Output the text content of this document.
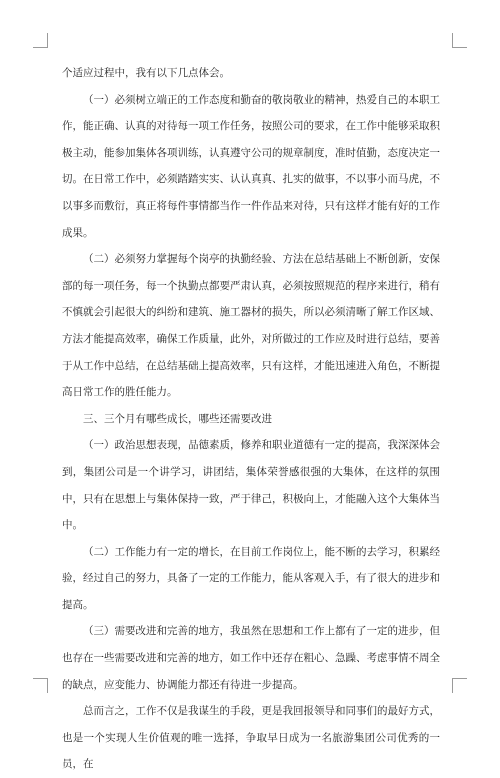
个适应过程中，我有以下几点体会。

（一）必须树立端正的工作态度和勤奋的敬岗敬业的精神，热爱自己的本职工作，能正确、认真的对待每一项工作任务，按照公司的要求，在工作中能够采取积极主动，能参加集体各项训练，认真遵守公司的规章制度，准时值勤，态度决定一切。在日常工作中，必须踏踏实实、认认真真、扎实的做事，不以事小而马虎，不以事多而敷衍，真正将每件事情都当作一件作品来对待，只有这样才能有好的工作成果。

（二）必须努力掌握每个岗亭的执勤经验、方法在总结基础上不断创新，安保部的每一项任务，每一个执勤点都要严肃认真，必须按照规范的程序来进行，稍有不慎就会引起很大的纠纷和建筑、施工器材的损失，所以必须清晰了解工作区域、方法才能提高效率，确保工作质量，此外，对所做过的工作应及时进行总结，要善于从工作中总结，在总结基础上提高效率，只有这样，才能迅速进入角色，不断提高日常工作的胜任能力。

三、三个月有哪些成长，哪些还需要改进

（一）政治思想表现，品德素质，修养和职业道德有一定的提高，我深深体会到，集团公司是一个讲学习，讲团结，集体荣誉感很强的大集体，在这样的氛围中，只有在思想上与集体保持一致，严于律己，积极向上，才能融入这个大集体当中。

（二）工作能力有一定的增长，在目前工作岗位上，能不断的去学习，积累经验，经过自己的努力，具备了一定的工作能力，能从客观入手，有了很大的进步和提高。

（三）需要改进和完善的地方，我虽然在思想和工作上都有了一定的进步，但也存在一些需要改进和完善的地方，如工作中还存在粗心、急躁、考虑事情不周全的缺点，应变能力、协调能力都还有待进一步提高。

总而言之，工作不仅是我谋生的手段，更是我回报领导和同事们的最好方式，也是一个实现人生价值观的唯一选择，争取早日成为一名旅游集团公司优秀的一员，在
